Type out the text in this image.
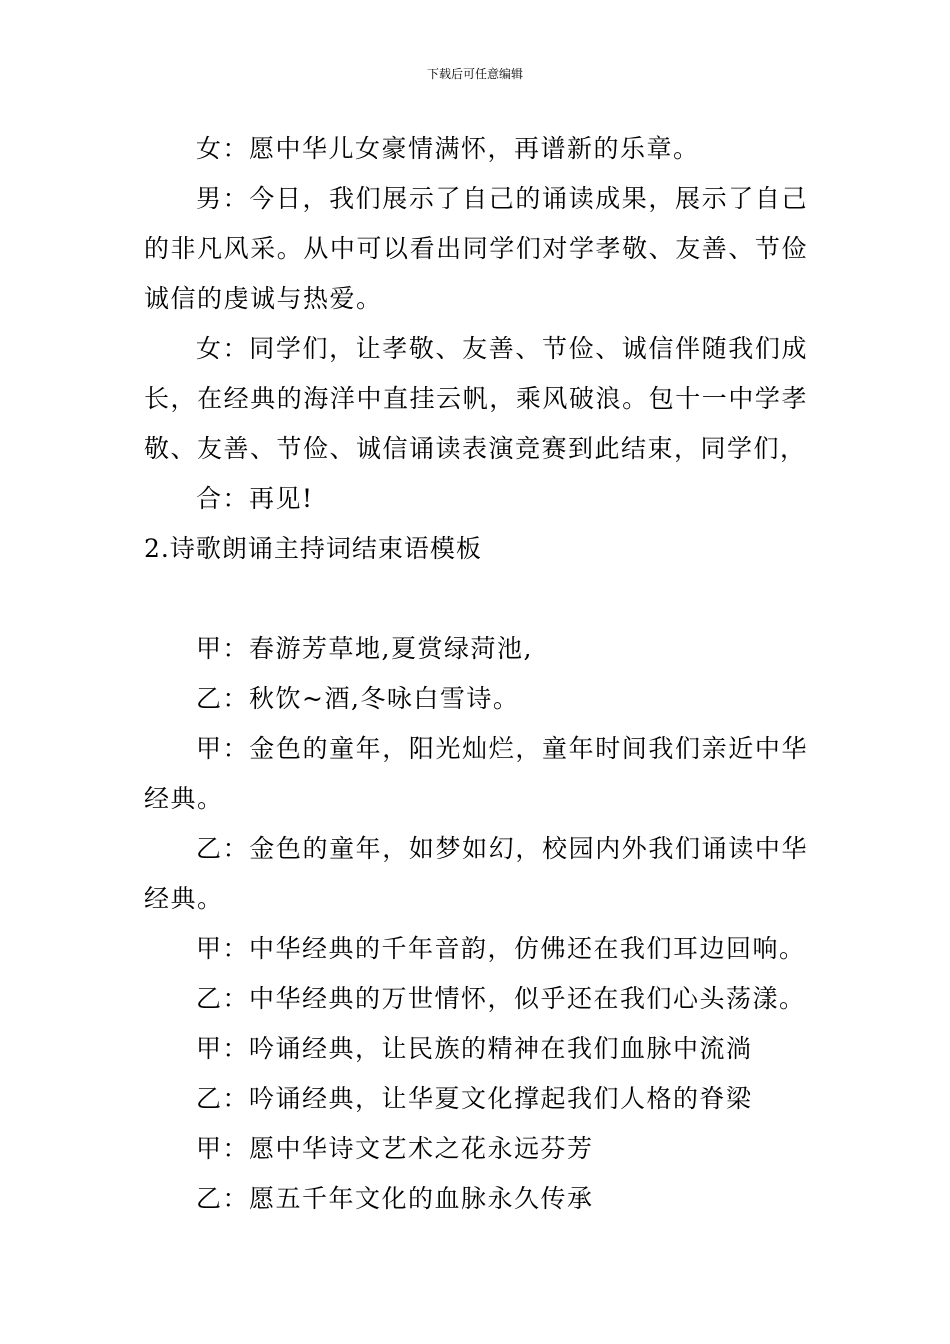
下载后可任意编辑

女：愿中华儿女豪情满怀，再谱新的乐章。

男：今日，我们展示了自己的诵读成果，展示了自己的非凡风采。从中可以看出同学们对学孝敬、友善、节俭诚信的虔诚与热爱。

女：同学们，让孝敬、友善、节俭、诚信伴随我们成长，在经典的海洋中直挂云帆，乘风破浪。包十一中学孝敬、友善、节俭、诚信诵读表演竞赛到此结束，同学们，

合：再见!

2.诗歌朗诵主持词结束语模板

甲：春游芳草地,夏赏绿菏池,

乙：秋饮~酒,冬咏白雪诗。

甲：金色的童年，阳光灿烂，童年时间我们亲近中华经典。

乙：金色的童年，如梦如幻，校园内外我们诵读中华经典。

甲：中华经典的千年音韵，仿佛还在我们耳边回响。

乙：中华经典的万世情怀，似乎还在我们心头荡漾。

甲：吟诵经典，让民族的精神在我们血脉中流淌

乙：吟诵经典，让华夏文化撑起我们人格的脊梁

甲：愿中华诗文艺术之花永远芬芳

乙：愿五千年文化的血脉永久传承
